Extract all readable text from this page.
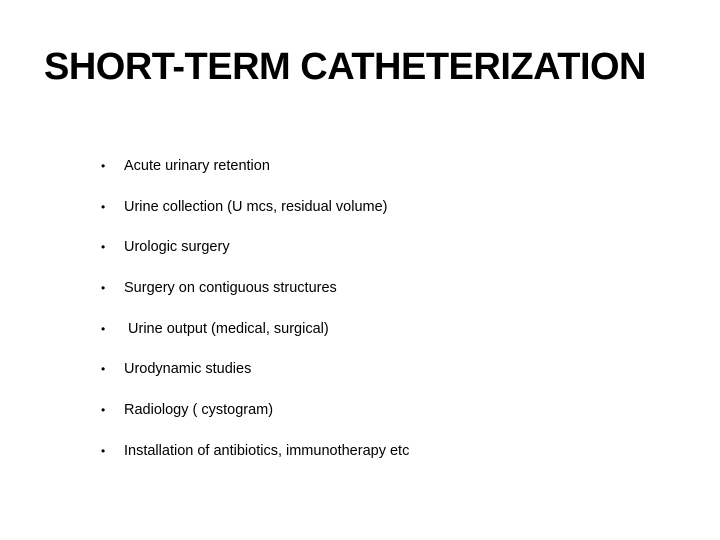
SHORT-TERM CATHETERIZATION

•

Acute urinary retention

•

Urine collection (U mcs, residual volume)

•

Urologic surgery

•

Surgery on contiguous structures

•

Urine output (medical, surgical)

•

Urodynamic studies

•

Radiology ( cystogram)

•

Installation of antibiotics, immunotherapy etc
